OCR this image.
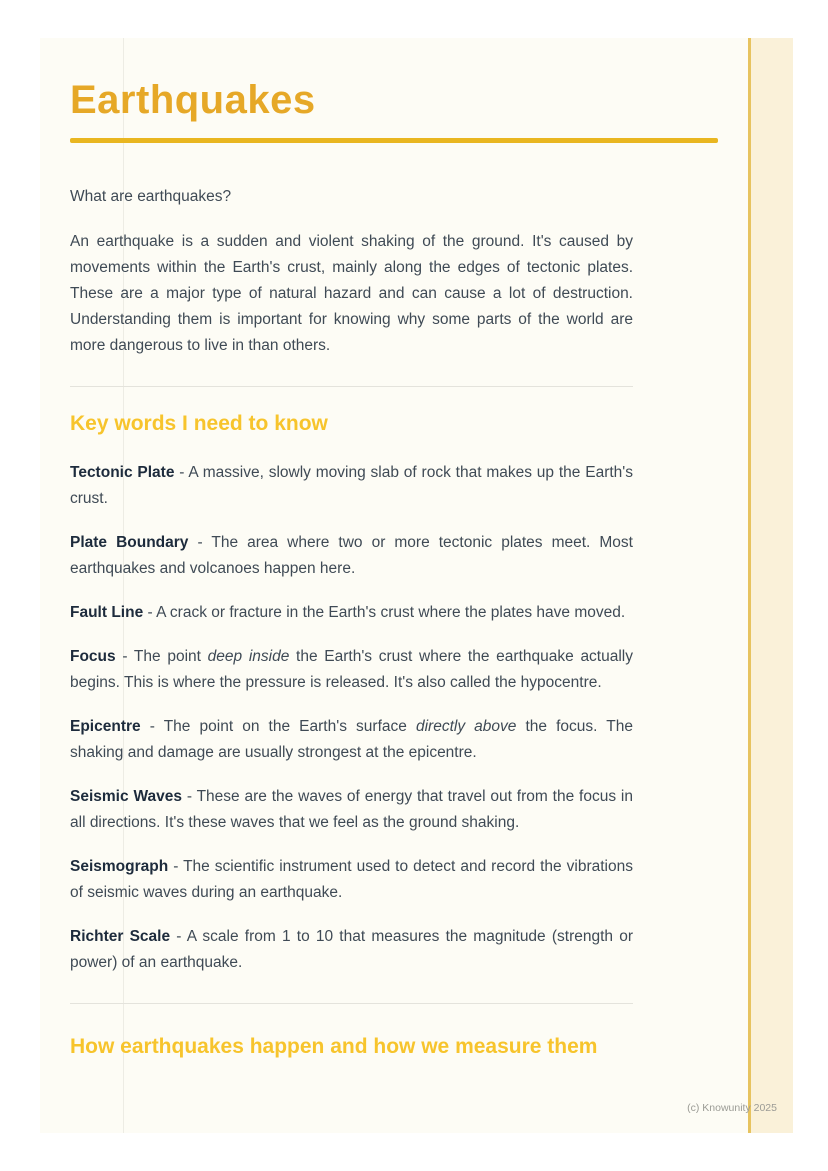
Earthquakes

What are earthquakes?

An earthquake is a sudden and violent shaking of the ground. It's caused by movements within the Earth's crust, mainly along the edges of tectonic plates. These are a major type of natural hazard and can cause a lot of destruction. Understanding them is important for knowing why some parts of the world are more dangerous to live in than others.

Key words I need to know

Tectonic Plate - A massive, slowly moving slab of rock that makes up the Earth's crust.

Plate Boundary - The area where two or more tectonic plates meet. Most earthquakes and volcanoes happen here.

Fault Line - A crack or fracture in the Earth's crust where the plates have moved.

Focus - The point deep inside the Earth's crust where the earthquake actually begins. This is where the pressure is released. It's also called the hypocentre.

Epicentre - The point on the Earth's surface directly above the focus. The shaking and damage are usually strongest at the epicentre.

Seismic Waves - These are the waves of energy that travel out from the focus in all directions. It's these waves that we feel as the ground shaking.

Seismograph - The scientific instrument used to detect and record the vibrations of seismic waves during an earthquake.

Richter Scale - A scale from 1 to 10 that measures the magnitude (strength or power) of an earthquake.

How earthquakes happen and how we measure them
(c) Knowunity 2025
